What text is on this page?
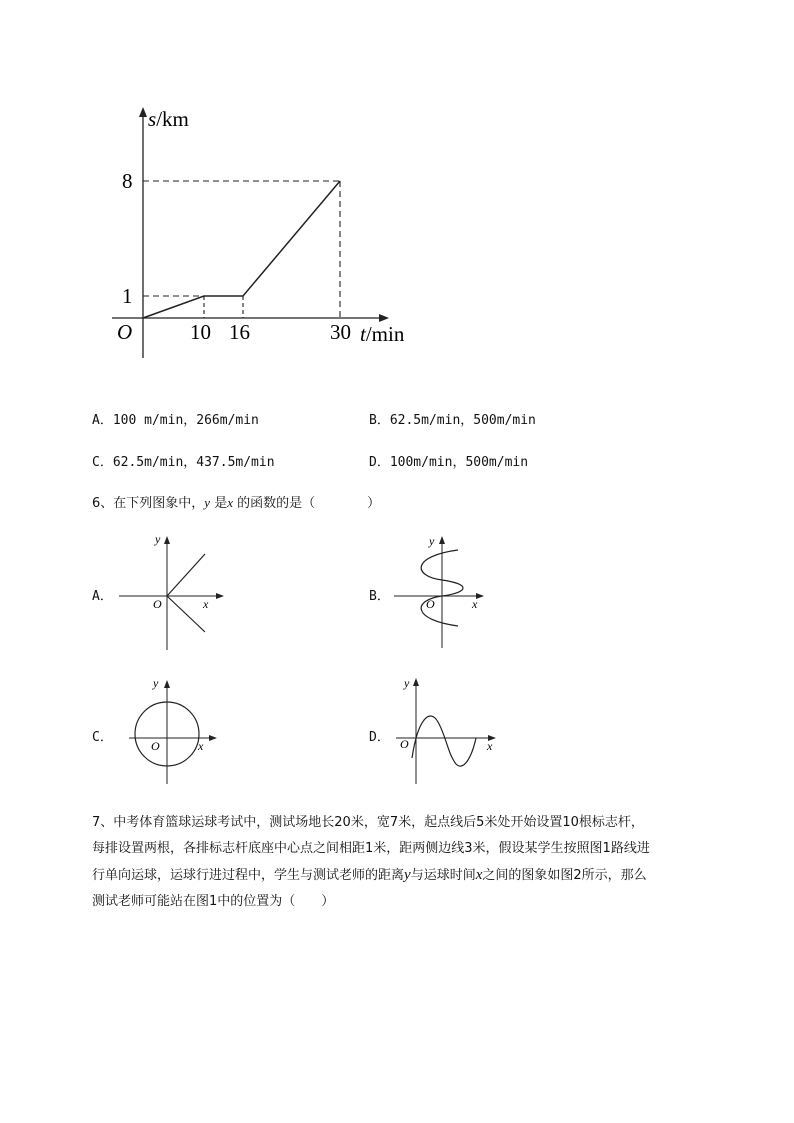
s/km
8
1
O	10 16	30 t/min
A．100 m/min，266m/min	B．62.5m/min，500m/min
C．62.5m/min，437.5m/min	D．100m/min，500m/min
6、在下列图象中，y 是x 的函数的是（　　　　）
A．	B．
C．	D．
y
O	x
y
O	x
y
O	x
y
O	x
7、中考体育篮球运球考试中，测试场地长20米，宽7米，起点线后5米处开始设置10根标志杆，
每排设置两根，各排标志杆底座中心点之间相距1米，距两侧边线3米，假设某学生按照图1路线进
行单向运球，运球行进过程中，学生与测试老师的距离y与运球时间x之间的图象如图2所示，那么
测试老师可能站在图1中的位置为（　　）
